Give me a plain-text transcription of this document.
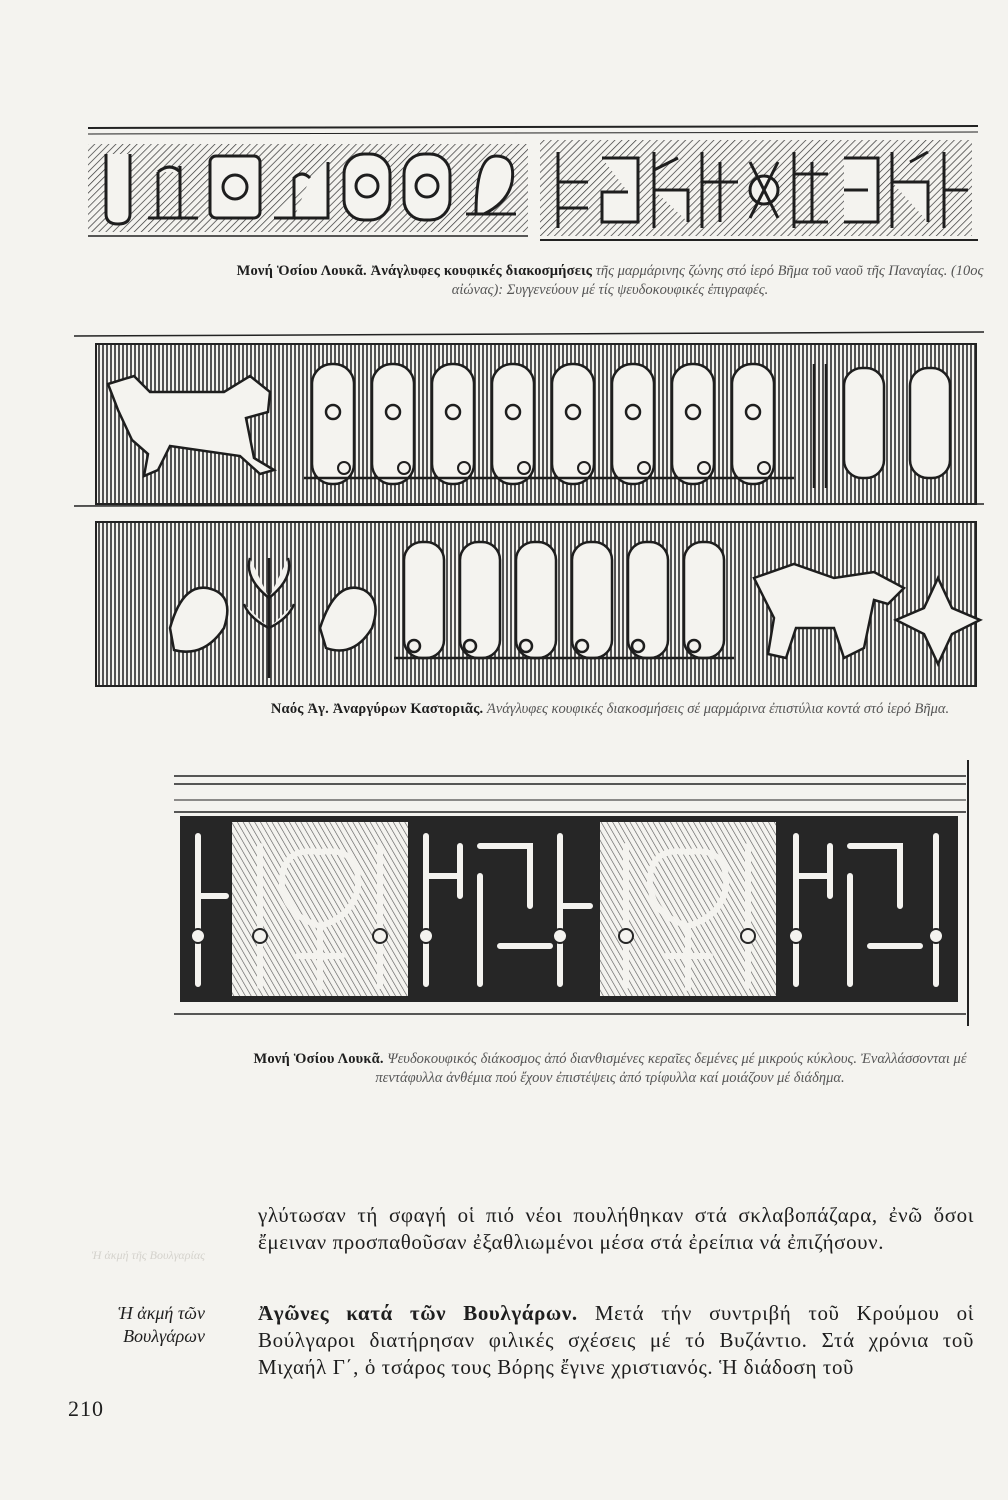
Μονή Ὁσίου Λουκᾶ. Ἀνάγλυφες κουφικές διακοσμήσεις τῆς μαρμάρινης ζώνης στό ἱερό Βῆμα τοῦ ναοῦ τῆς Παναγίας. (10ος αἰώνας): Συγγενεύουν μέ τίς ψευδοκουφικές ἐπιγραφές.
Ναός Ἀγ. Ἀναργύρων Καστοριᾶς. Ἀνάγλυφες κουφικές διακοσμήσεις σέ μαρμάρινα ἐπιστύλια κοντά στό ἱερό Βῆμα.
Μονή Ὁσίου Λουκᾶ. Ψευδοκουφικός διάκοσμος ἀπό διανθισμένες κεραῖες δεμένες μέ μικρούς κύκλους. Ἐναλλάσσονται μέ πεντάφυλλα ἀνθέμια πού ἔχουν ἐπιστέψεις ἀπό τρίφυλλα καί μοιάζουν μέ διάδημα.
Ἡ ἀκμή τῆς Βουλγαρίας

γλύτωσαν τή σφαγή οἱ πιό νέοι πουλήθηκαν στά σκλαβοπάζαρα, ἐνῶ ὅσοι ἔμειναν προσπαθοῦσαν ἐξαθλιωμένοι μέσα στά ἐρείπια νά ἐπιζήσουν.

Ἀγῶνες κατά τῶν Βουλγάρων. Μετά τήν συντριβή τοῦ Κρούμου οἱ Βούλγαροι διατήρησαν φιλικές σχέσεις μέ τό Βυζάντιο. Στά χρόνια τοῦ Μιχαήλ Γ΄, ὁ τσάρος τους Βόρης ἔγινε χριστιανός. Ἡ διάδοση τοῦ

Ἡ ἀκμή τῶν Βουλγάρων
210
